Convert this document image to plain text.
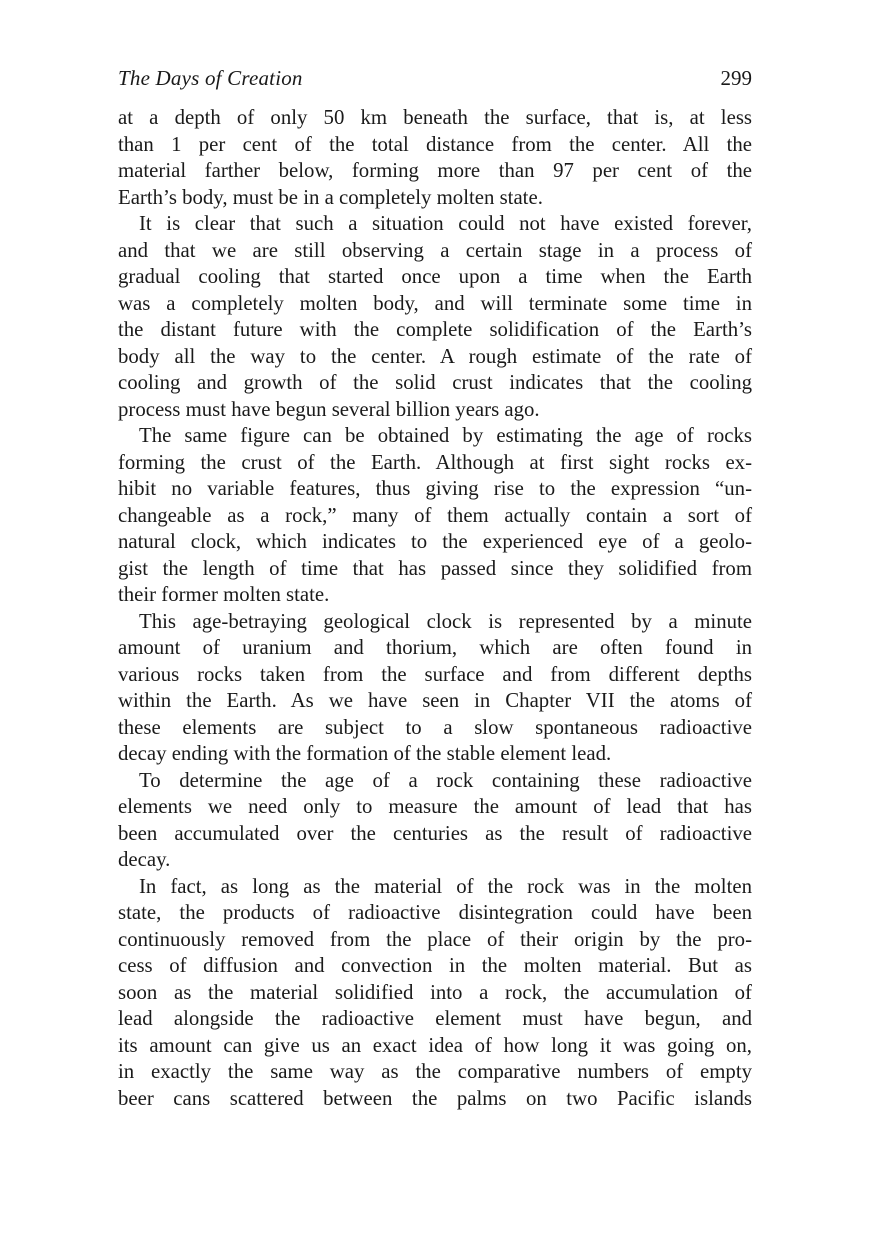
The Days of Creation	299
at a depth of only 50 km beneath the surface, that is, at less
than 1 per cent of the total distance from the center. All the
material farther below, forming more than 97 per cent of the
Earth’s body, must be in a completely molten state.
It is clear that such a situation could not have existed forever,
and that we are still observing a certain stage in a process of
gradual cooling that started once upon a time when the Earth
was a completely molten body, and will terminate some time in
the distant future with the complete solidification of the Earth’s
body all the way to the center. A rough estimate of the rate of
cooling and growth of the solid crust indicates that the cooling
process must have begun several billion years ago.
The same figure can be obtained by estimating the age of rocks
forming the crust of the Earth. Although at first sight rocks ex-
hibit no variable features, thus giving rise to the expression “un-
changeable as a rock,” many of them actually contain a sort of
natural clock, which indicates to the experienced eye of a geolo-
gist the length of time that has passed since they solidified from
their former molten state.
This age-betraying geological clock is represented by a minute
amount of uranium and thorium, which are often found in
various rocks taken from the surface and from different depths
within the Earth. As we have seen in Chapter VII the atoms of
these elements are subject to a slow spontaneous radioactive
decay ending with the formation of the stable element lead.
To determine the age of a rock containing these radioactive
elements we need only to measure the amount of lead that has
been accumulated over the centuries as the result of radioactive
decay.
In fact, as long as the material of the rock was in the molten
state, the products of radioactive disintegration could have been
continuously removed from the place of their origin by the pro-
cess of diffusion and convection in the molten material. But as
soon as the material solidified into a rock, the accumulation of
lead alongside the radioactive element must have begun, and
its amount can give us an exact idea of how long it was going on,
in exactly the same way as the comparative numbers of empty
beer cans scattered between the palms on two Pacific islands
